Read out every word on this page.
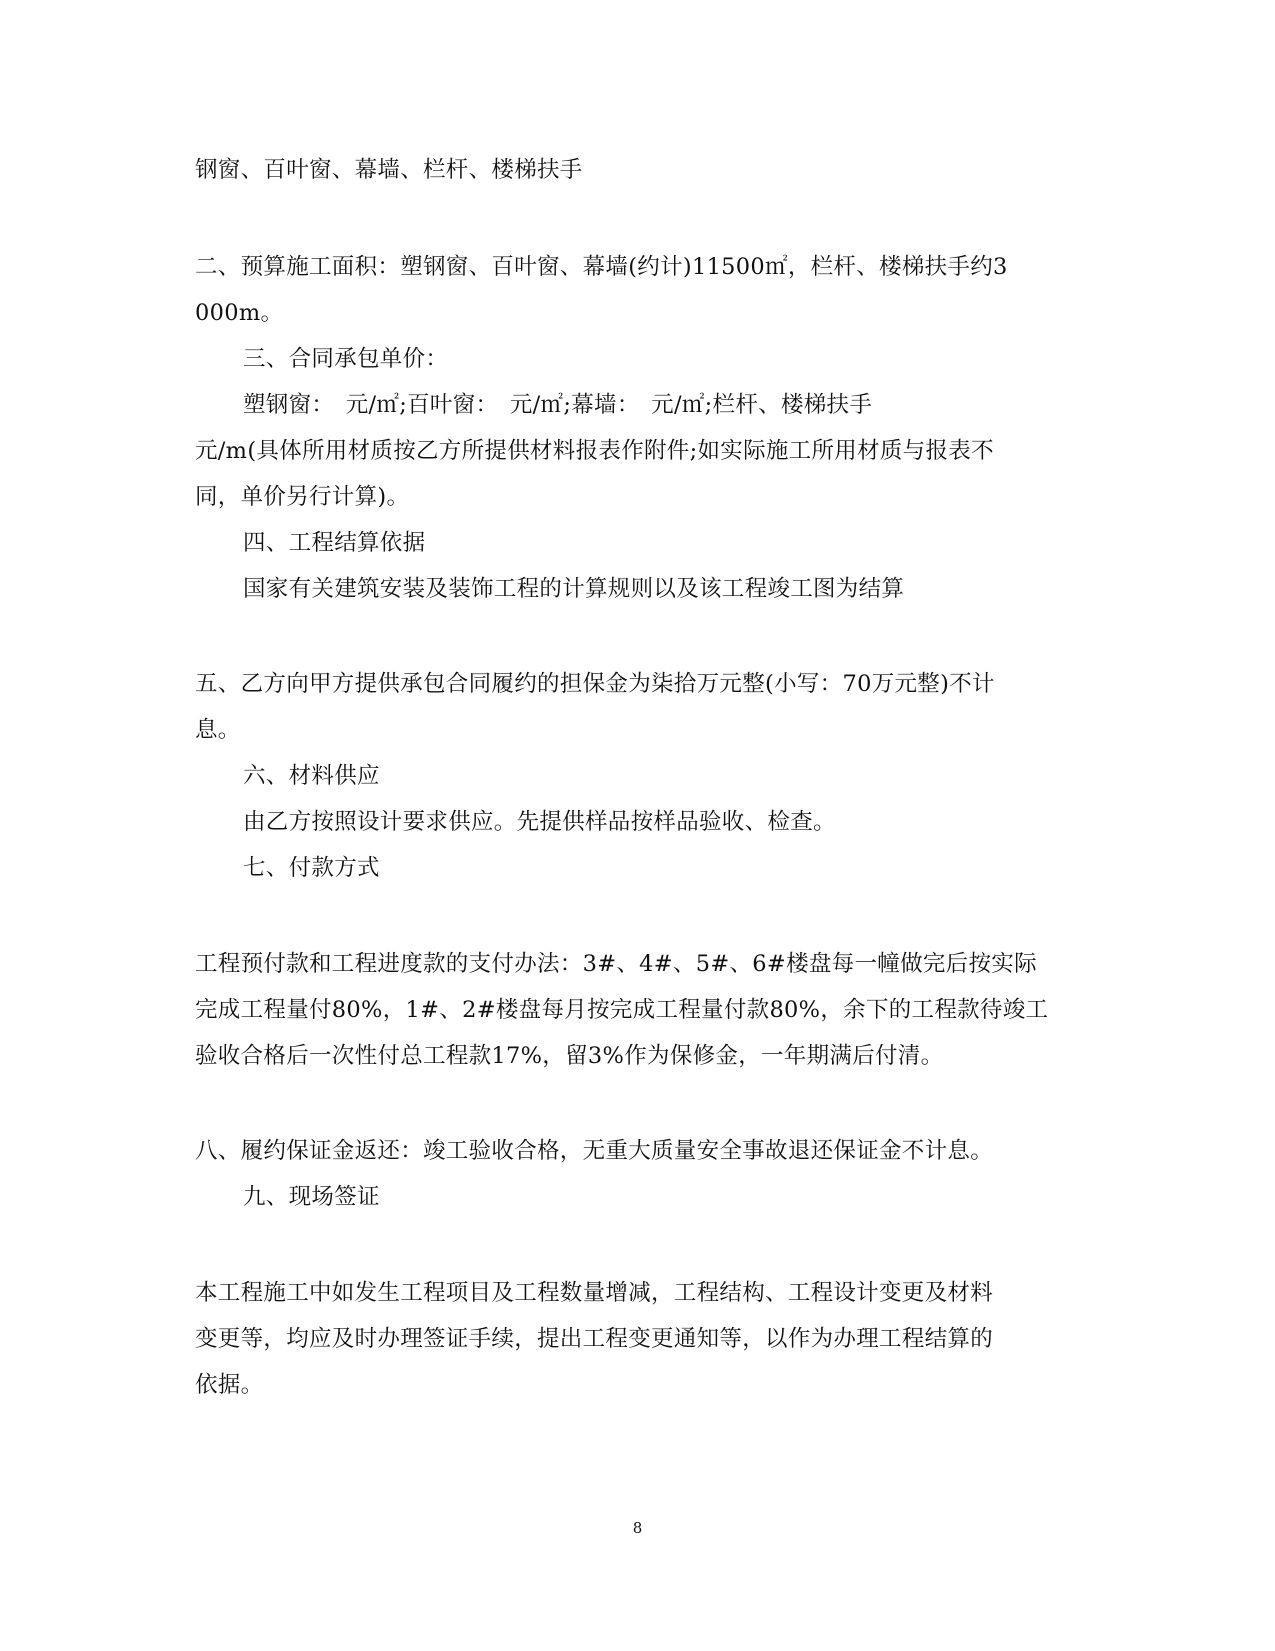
钢窗、百叶窗、幕墙、栏杆、楼梯扶手
二、预算施工面积：塑钢窗、百叶窗、幕墙(约计)11500㎡，栏杆、楼梯扶手约3
000m。
三、合同承包单价：
塑钢窗：　元/㎡;百叶窗：　元/㎡;幕墙：　元/㎡;栏杆、楼梯扶手
元/m(具体所用材质按乙方所提供材料报表作附件;如实际施工所用材质与报表不
同，单价另行计算)。
四、工程结算依据
国家有关建筑安装及装饰工程的计算规则以及该工程竣工图为结算
五、乙方向甲方提供承包合同履约的担保金为柒拾万元整(小写：70万元整)不计
息。
六、材料供应
由乙方按照设计要求供应。先提供样品按样品验收、检查。
七、付款方式
工程预付款和工程进度款的支付办法：3#、4#、5#、6#楼盘每一幢做完后按实际
完成工程量付80%，1#、2#楼盘每月按完成工程量付款80%，余下的工程款待竣工
验收合格后一次性付总工程款17%，留3%作为保修金，一年期满后付清。
八、履约保证金返还：竣工验收合格，无重大质量安全事故退还保证金不计息。
九、现场签证
本工程施工中如发生工程项目及工程数量增减，工程结构、工程设计变更及材料
变更等，均应及时办理签证手续，提出工程变更通知等，以作为办理工程结算的
依据。
8
